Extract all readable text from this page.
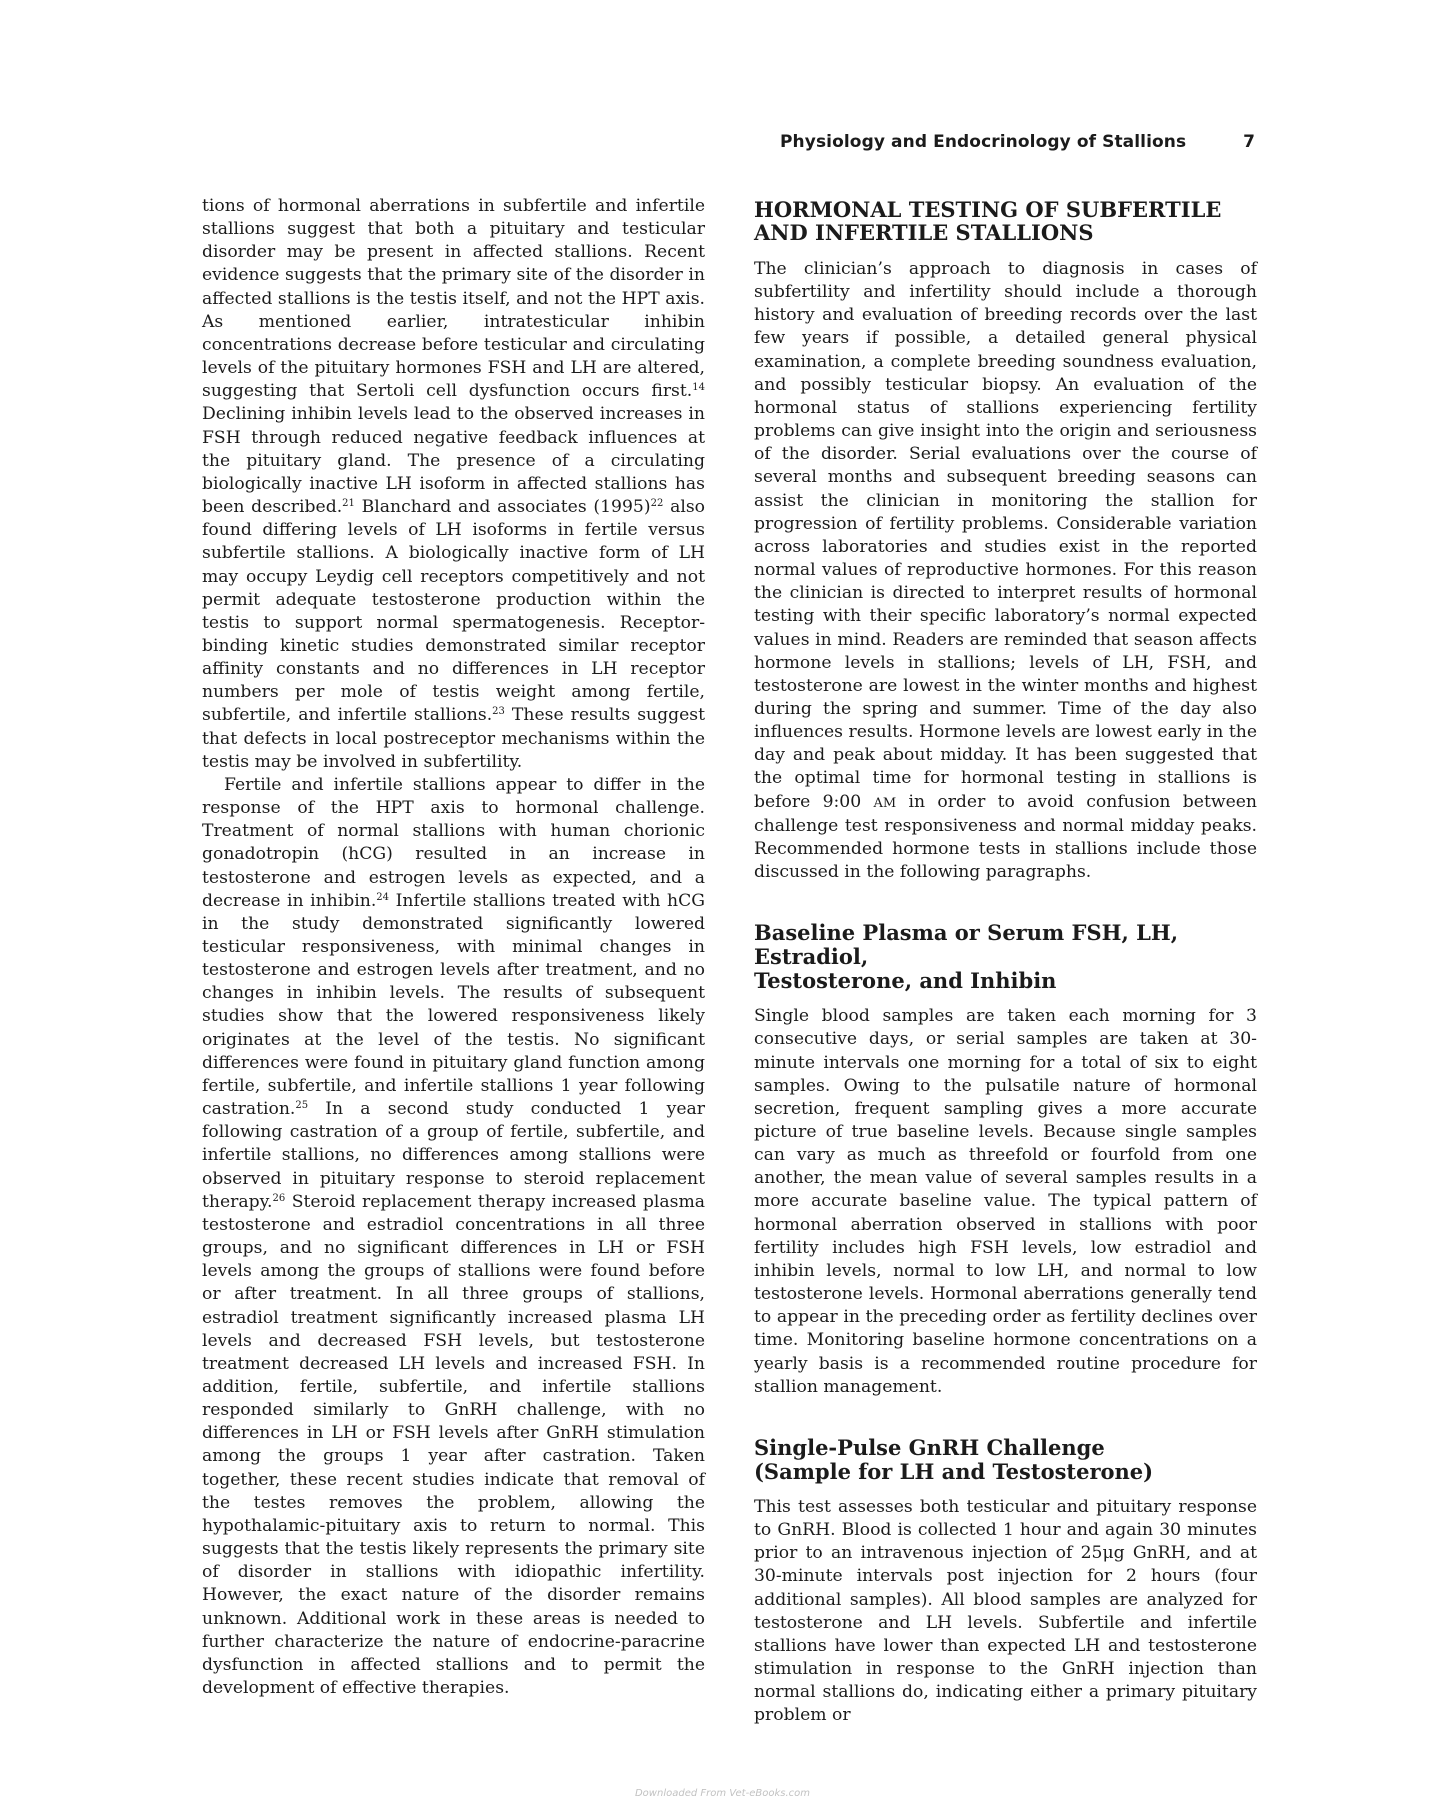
Physiology and Endocrinology of Stallions	7

tions of hormonal aberrations in subfertile and infertile stallions suggest that both a pituitary and testicular disorder may be present in affected stallions. Recent evidence suggests that the primary site of the disorder in affected stallions is the testis itself, and not the HPT axis. As mentioned earlier, intratesticular inhibin concentrations decrease before testicular and circulating levels of the pituitary hormones FSH and LH are altered, suggesting that Sertoli cell dysfunction occurs first.$^{14}$ Declining inhibin levels lead to the observed increases in FSH through reduced negative feedback influences at the pituitary gland. The presence of a circulating biologically inactive LH isoform in affected stallions has been described.$^{21}$ Blanchard and associates $(1995)^{22}$ also found differing levels of LH isoforms in fertile versus subfertile stallions. A biologically inactive form of LH may occupy Leydig cell receptors competitively and not permit adequate testosterone production within the testis to support normal spermatogenesis. Receptor-binding kinetic studies demonstrated similar receptor affinity constants and no differences in LH receptor numbers per mole of testis weight among fertile, subfertile, and infertile stallions.$^{23}$ These results suggest that defects in local postreceptor mechanisms within the testis may be involved in subfertility.

Fertile and infertile stallions appear to differ in the response of the HPT axis to hormonal challenge. Treatment of normal stallions with human chorionic gonadotropin (hCG) resulted in an increase in testosterone and estrogen levels as expected, and a decrease in inhibin.$^{24}$ Infertile stallions treated with hCG in the study demonstrated significantly lowered testicular responsiveness, with minimal changes in testosterone and estrogen levels after treatment, and no changes in inhibin levels. The results of subsequent studies show that the lowered responsiveness likely originates at the level of the testis. No significant differences were found in pituitary gland function among fertile, subfertile, and infertile stallions 1 year following castration.$^{25}$ In a second study conducted 1 year following castration of a group of fertile, subfertile, and infertile stallions, no differences among stallions were observed in pituitary response to steroid replacement therapy.$^{26}$ Steroid replacement therapy increased plasma testosterone and estradiol concentrations in all three groups, and no significant differences in LH or FSH levels among the groups of stallions were found before or after treatment. In all three groups of stallions, estradiol treatment significantly increased plasma LH levels and decreased FSH levels, but testosterone treatment decreased LH levels and increased FSH. In addition, fertile, subfertile, and infertile stallions responded similarly to GnRH challenge, with no differences in LH or FSH levels after GnRH stimulation among the groups 1 year after castration. Taken together, these recent studies indicate that removal of the testes removes the problem, allowing the hypothalamic-pituitary axis to return to normal. This suggests that the testis likely represents the primary site of disorder in stallions with idiopathic infertility. However, the exact nature of the disorder remains unknown. Additional work in these areas is needed to further characterize the nature of endocrine-paracrine dysfunction in affected stallions and to permit the development of effective therapies.

HORMONAL TESTING OF SUBFERTILE AND INFERTILE STALLIONS

The clinician’s approach to diagnosis in cases of subfertility and infertility should include a thorough history and evaluation of breeding records over the last few years if possible, a detailed general physical examination, a complete breeding soundness evaluation, and possibly testicular biopsy. An evaluation of the hormonal status of stallions experiencing fertility problems can give insight into the origin and seriousness of the disorder. Serial evaluations over the course of several months and subsequent breeding seasons can assist the clinician in monitoring the stallion for progression of fertility problems. Considerable variation across laboratories and studies exist in the reported normal values of reproductive hormones. For this reason the clinician is directed to interpret results of hormonal testing with their specific laboratory’s normal expected values in mind. Readers are reminded that season affects hormone levels in stallions; levels of LH, FSH, and testosterone are lowest in the winter months and highest during the spring and summer. Time of the day also influences results. Hormone levels are lowest early in the day and peak about midday. It has been suggested that the optimal time for hormonal testing in stallions is before 9:00 AM in order to avoid confusion between challenge test responsiveness and normal midday peaks. Recommended hormone tests in stallions include those discussed in the following paragraphs.

Baseline Plasma or Serum FSH, LH, Estradiol,
Testosterone, and Inhibin

Single blood samples are taken each morning for 3 consecutive days, or serial samples are taken at 30-minute intervals one morning for a total of six to eight samples. Owing to the pulsatile nature of hormonal secretion, frequent sampling gives a more accurate picture of true baseline levels. Because single samples can vary as much as threefold or fourfold from one another, the mean value of several samples results in a more accurate baseline value. The typical pattern of hormonal aberration observed in stallions with poor fertility includes high FSH levels, low estradiol and inhibin levels, normal to low LH, and normal to low testosterone levels. Hormonal aberrations generally tend to appear in the preceding order as fertility declines over time. Monitoring baseline hormone concentrations on a yearly basis is a recommended routine procedure for stallion management.

Single-Pulse GnRH Challenge
(Sample for LH and Testosterone)

This test assesses both testicular and pituitary response to GnRH. Blood is collected 1 hour and again 30 minutes prior to an intravenous injection of 25μg GnRH, and at 30-minute intervals post injection for 2 hours (four additional samples). All blood samples are analyzed for testosterone and LH levels. Subfertile and infertile stallions have lower than expected LH and testosterone stimulation in response to the GnRH injection than normal stallions do, indicating either a primary pituitary problem or

Downloaded From Vet-eBooks.com
